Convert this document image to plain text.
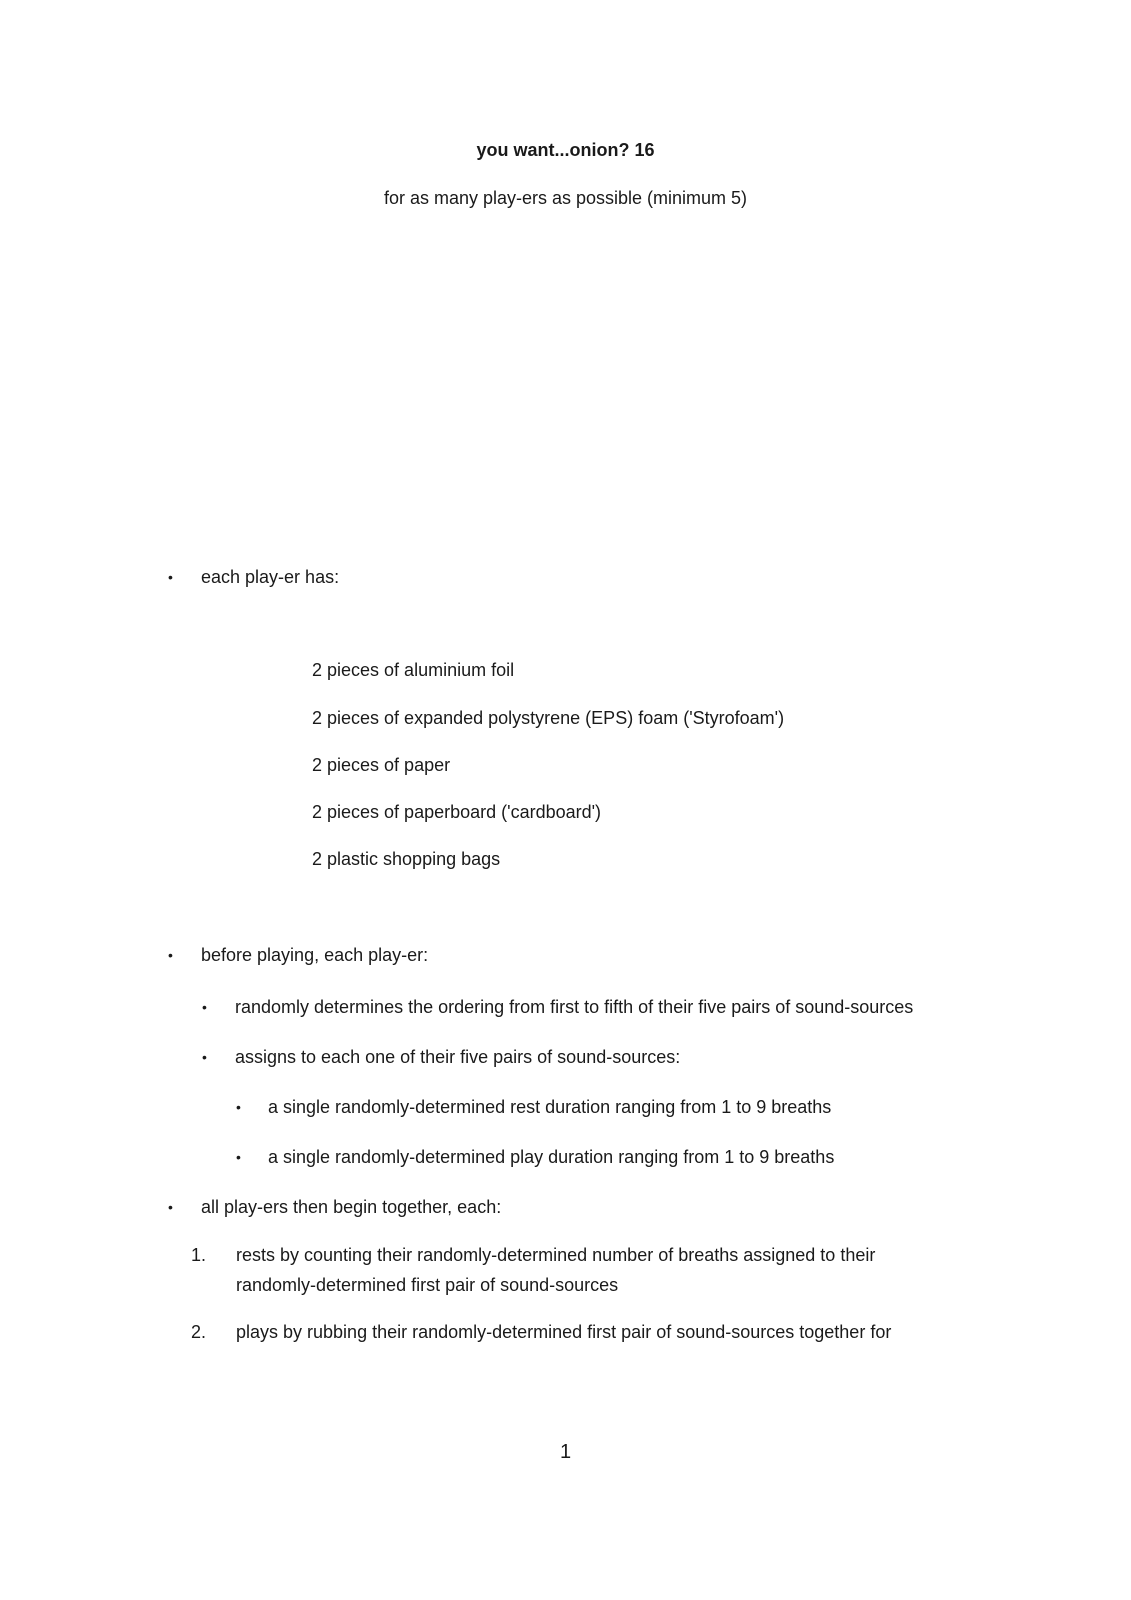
you want...onion? 16
for as many play-ers as possible (minimum 5)
• each play-er has:
2 pieces of aluminium foil
2 pieces of expanded polystyrene (EPS) foam ('Styrofoam')
2 pieces of paper
2 pieces of paperboard ('cardboard')
2 plastic shopping bags
• before playing, each play-er:
• randomly determines the ordering from first to fifth of their five pairs of sound-sources
• assigns to each one of their five pairs of sound-sources:
• a single randomly-determined rest duration ranging from 1 to 9 breaths
• a single randomly-determined play duration ranging from 1 to 9 breaths
• all play-ers then begin together, each:
1. rests by counting their randomly-determined number of breaths assigned to their
randomly-determined first pair of sound-sources
2. plays by rubbing their randomly-determined first pair of sound-sources together for
1
